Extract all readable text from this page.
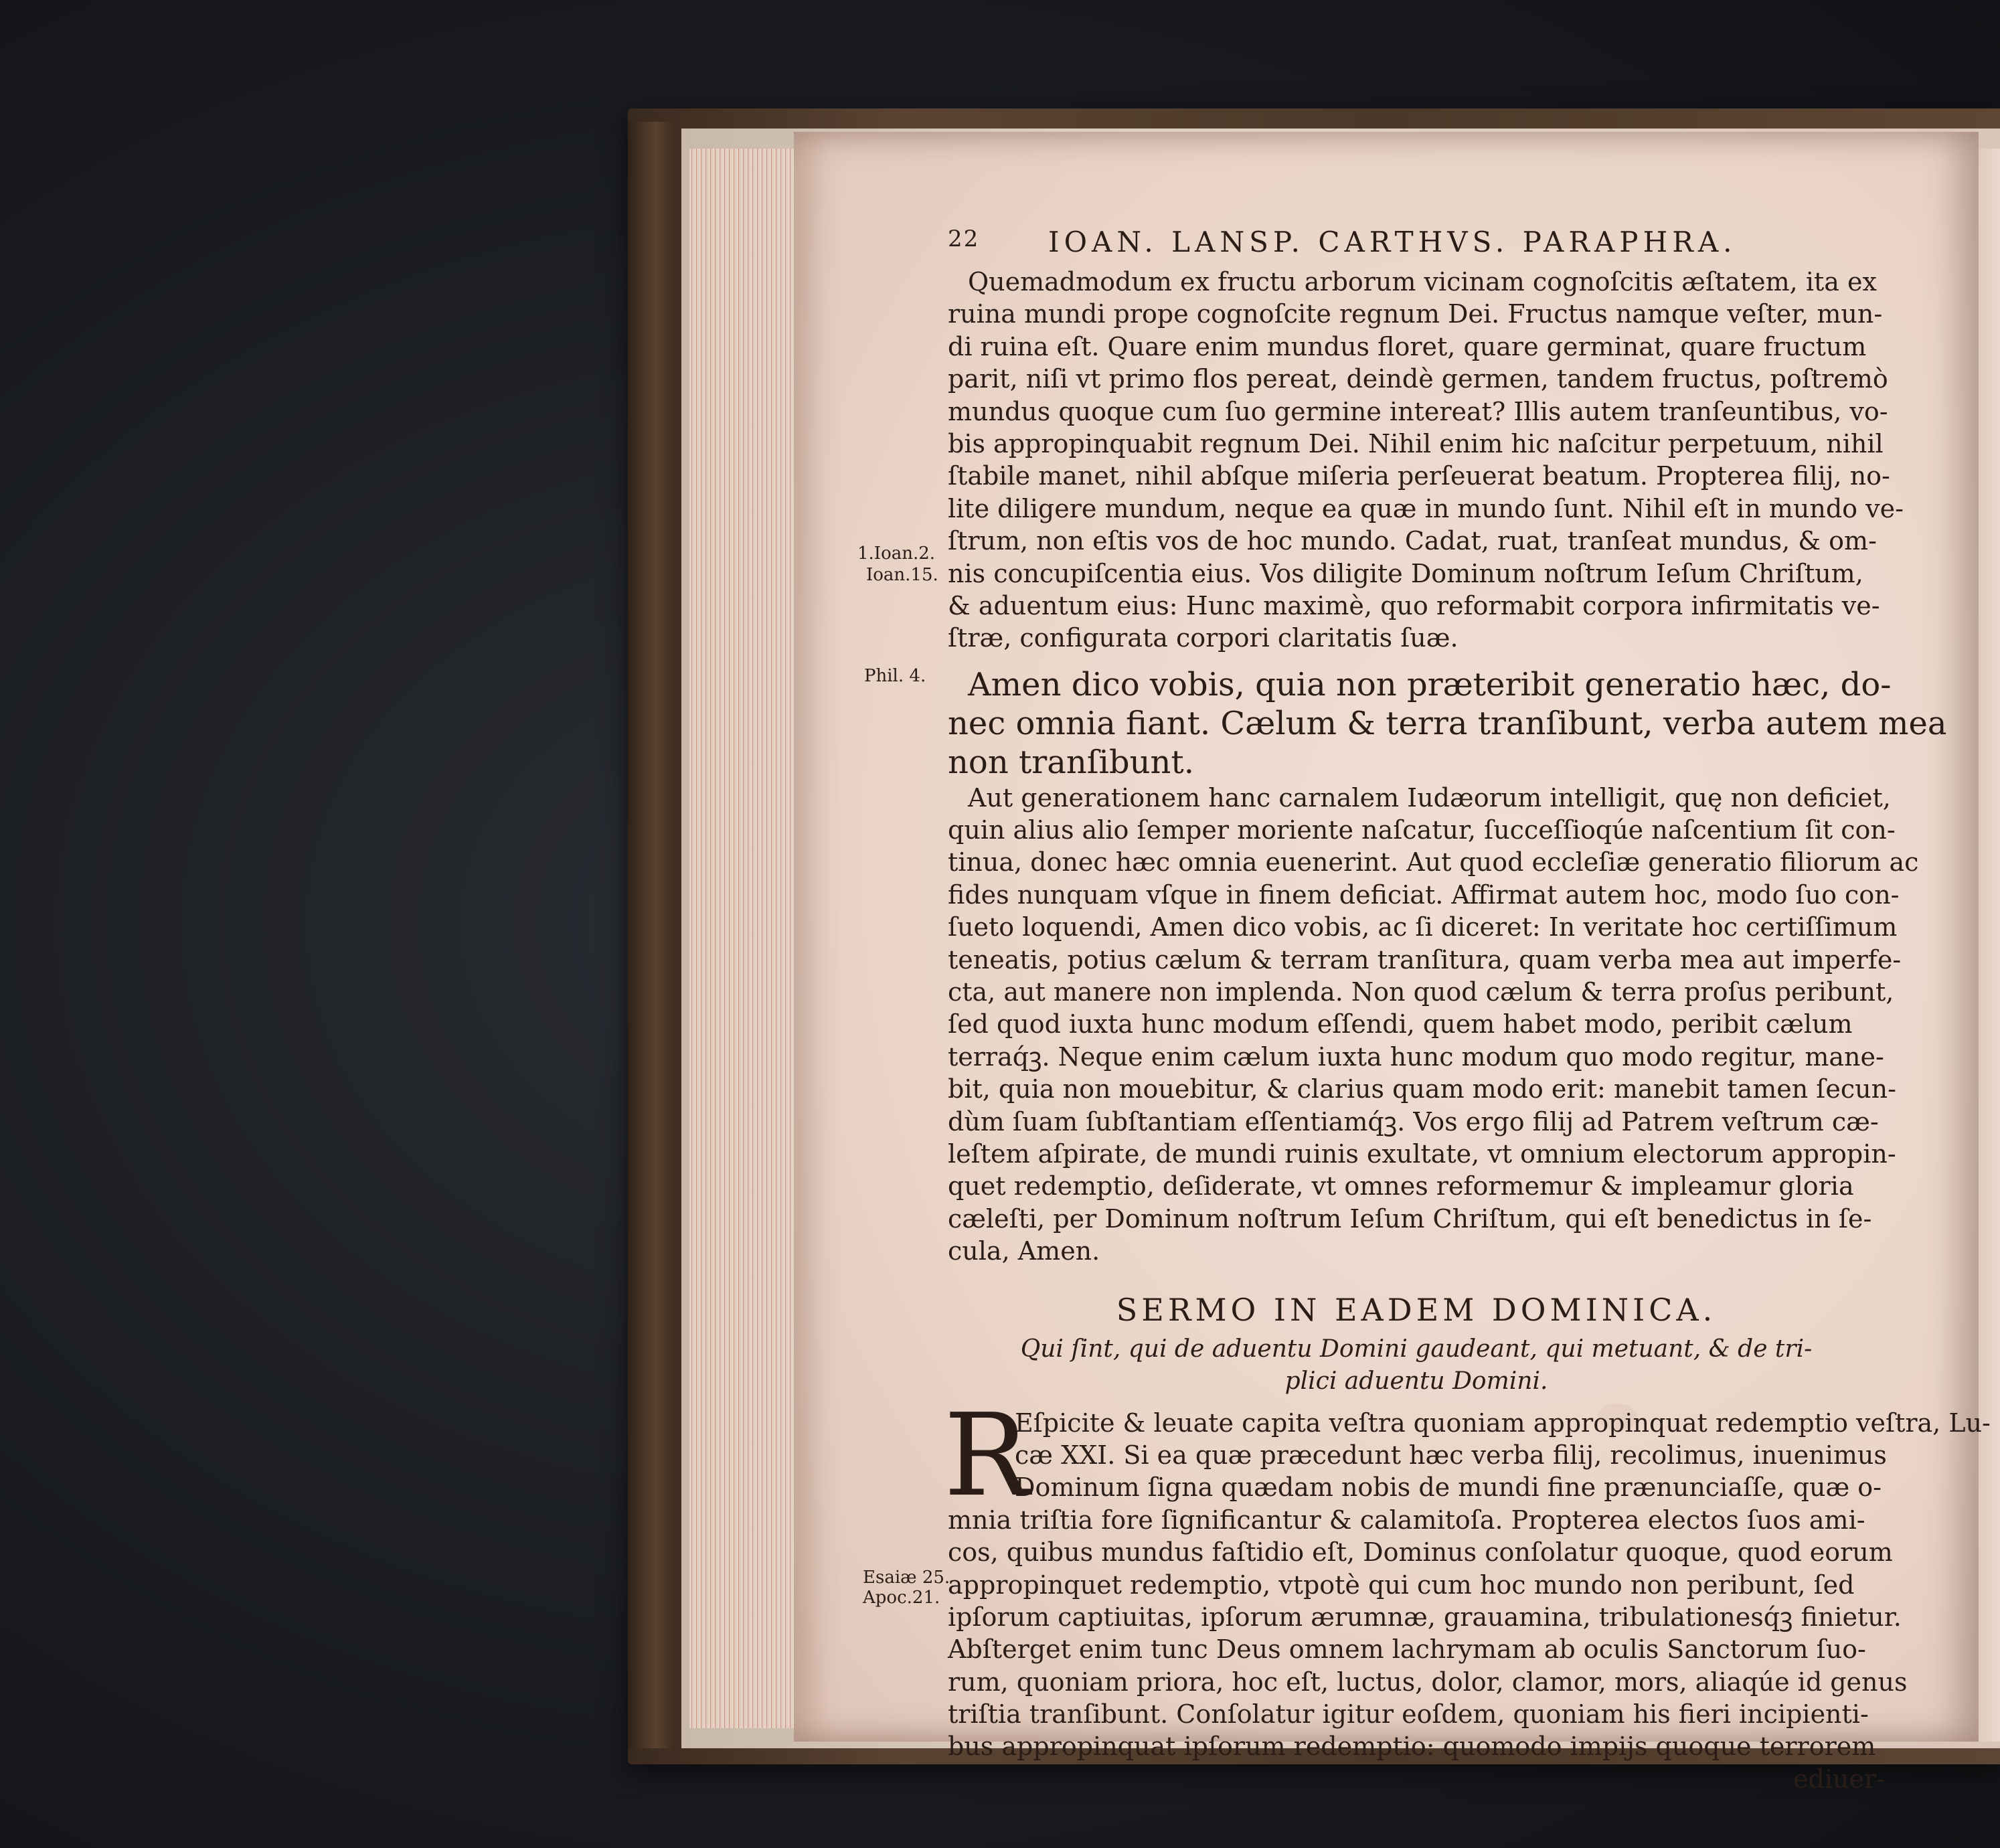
1.Ioan.2.
Ioan.15.
Phil. 4.
Esaiæ 25.
Apoc.21.
22 IOAN. LANSP. CARTHVS. PARAPHRA.
Quemadmodum ex fructu arborum vicinam cognoſcitis æſtatem, ita ex
ruina mundi prope cognoſcite regnum Dei. Fructus namque veſter, mun-
di ruina eſt. Quare enim mundus floret, quare germinat, quare fructum
parit, niſi vt primo flos pereat, deindè germen, tandem fructus, poſtremò
mundus quoque cum ſuo germine intereat? Illis autem tranſeuntibus, vo-
bis appropinquabit regnum Dei. Nihil enim hic naſcitur perpetuum, nihil
ſtabile manet, nihil abſque miſeria perſeuerat beatum. Propterea filij, no-
lite diligere mundum, neque ea quæ in mundo ſunt. Nihil eſt in mundo ve-
ſtrum, non eſtis vos de hoc mundo. Cadat, ruat, tranſeat mundus, & om-
nis concupiſcentia eius. Vos diligite Dominum noſtrum Ieſum Chriſtum,
& aduentum eius: Hunc maximè, quo reformabit corpora infirmitatis ve-
ſtræ, configurata corpori claritatis ſuæ.
Amen dico vobis, quia non præteribit generatio hæc, do-
nec omnia fiant. Cælum & terra tranſibunt, verba autem mea
non tranſibunt.
Aut generationem hanc carnalem Iudæorum intelligit, quę non deficiet,
quin alius alio ſemper moriente naſcatur, ſucceſſioqúe naſcentium ſit con-
tinua, donec hæc omnia euenerint. Aut quod eccleſiæ generatio filiorum ac
fides nunquam vſque in finem deficiat. Affirmat autem hoc, modo ſuo con-
ſueto loquendi, Amen dico vobis, ac ſi diceret: In veritate hoc certiſſimum
teneatis, potius cælum & terram tranſitura, quam verba mea aut imperfe-
cta, aut manere non implenda. Non quod cælum & terra proſus peribunt,
ſed quod iuxta hunc modum eſſendi, quem habet modo, peribit cælum
terraq́ꝫ. Neque enim cælum iuxta hunc modum quo modo regitur, mane-
bit, quia non mouebitur, & clarius quam modo erit: manebit tamen ſecun-
dùm ſuam ſubſtantiam eſſentiamq́ꝫ. Vos ergo filij ad Patrem veſtrum cæ-
leſtem aſpirate, de mundi ruinis exultate, vt omnium electorum appropin-
quet redemptio, deſiderate, vt omnes reformemur & impleamur gloria
cæleſti, per Dominum noſtrum Ieſum Chriſtum, qui eſt benedictus in ſe-
cula, Amen.
SERMO IN EADEM DOMINICA.
Qui ſint, qui de aduentu Domini gaudeant, qui metuant, & de tri-
plici aduentu Domini.
R
Eſpicite & leuate capita veſtra quoniam appropinquat redemptio veſtra, Lu-
cæ XXI. Si ea quæ præcedunt hæc verba filij, recolimus, inuenimus
Dominum ſigna quædam nobis de mundi fine prænunciaſſe, quæ o-
mnia triſtia fore ſignificantur & calamitoſa. Propterea electos ſuos ami-
cos, quibus mundus faſtidio eſt, Dominus conſolatur quoque, quod eorum
appropinquet redemptio, vtpotè qui cum hoc mundo non peribunt, ſed
ipſorum captiuitas, ipſorum ærumnæ, grauamina, tribulationesq́ꝫ finietur.
Abſterget enim tunc Deus omnem lachrymam ab oculis Sanctorum ſuo-
rum, quoniam priora, hoc eſt, luctus, dolor, clamor, mors, aliaqúe id genus
triſtia tranſibunt. Conſolatur igitur eoſdem, quoniam his fieri incipienti-
bus appropinquat ipſorum redemptio: quomodo impijs quoque terrorem
ediuer-
